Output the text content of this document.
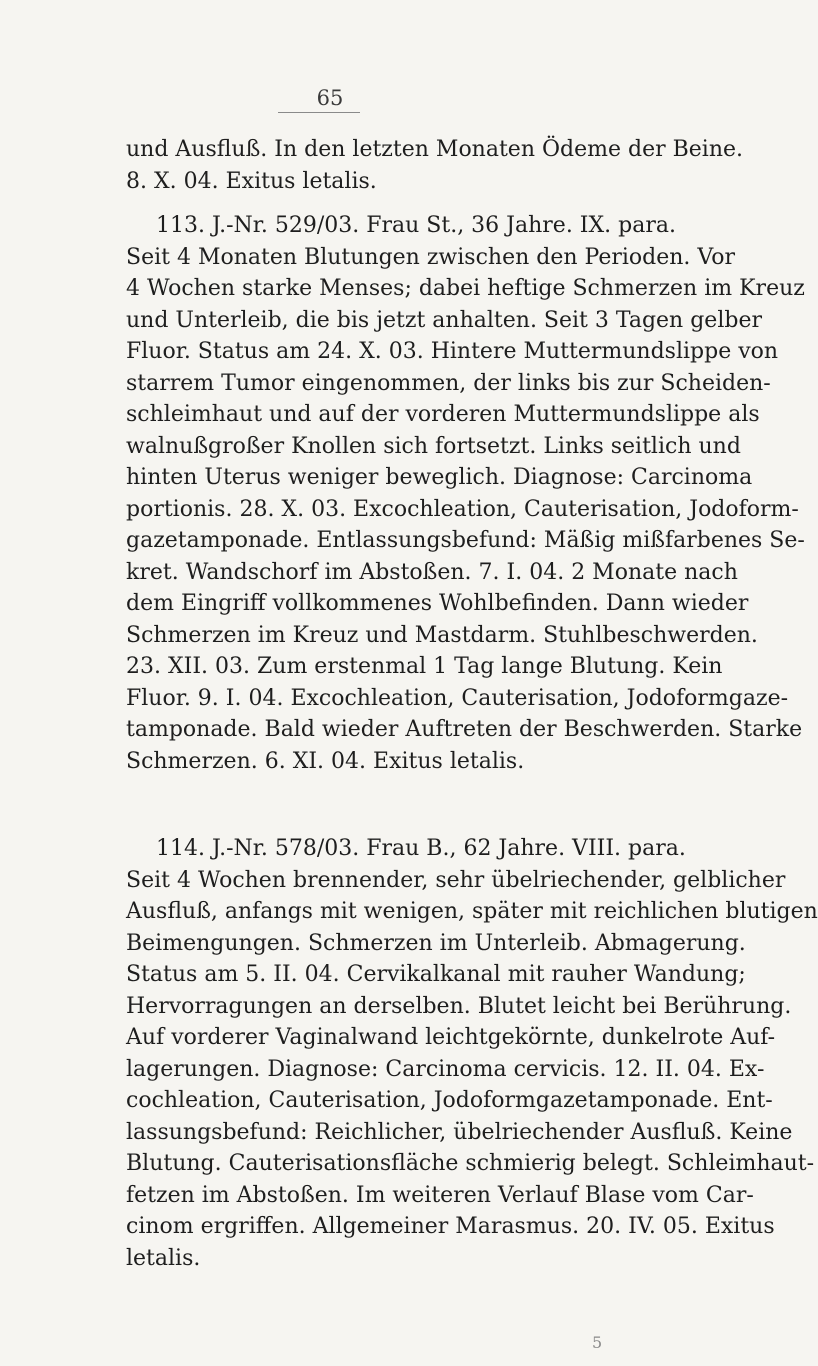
65
und Ausfluß. In den letzten Monaten Ödeme der Beine.
8. X. 04. Exitus letalis.
113. J.-Nr. 529/03. Frau St., 36 Jahre. IX. para.
Seit 4 Monaten Blutungen zwischen den Perioden. Vor
4 Wochen starke Menses; dabei heftige Schmerzen im Kreuz
und Unterleib, die bis jetzt anhalten. Seit 3 Tagen gelber
Fluor. Status am 24. X. 03. Hintere Muttermundslippe von
starrem Tumor eingenommen, der links bis zur Scheiden-
schleimhaut und auf der vorderen Muttermundslippe als
walnußgroßer Knollen sich fortsetzt. Links seitlich und
hinten Uterus weniger beweglich. Diagnose: Carcinoma
portionis. 28. X. 03. Excochleation, Cauterisation, Jodoform-
gazetamponade. Entlassungsbefund: Mäßig mißfarbenes Se-
kret. Wandschorf im Abstoßen. 7. I. 04. 2 Monate nach
dem Eingriff vollkommenes Wohlbefinden. Dann wieder
Schmerzen im Kreuz und Mastdarm. Stuhlbeschwerden.
23. XII. 03. Zum erstenmal 1 Tag lange Blutung. Kein
Fluor. 9. I. 04. Excochleation, Cauterisation, Jodoformgaze-
tamponade. Bald wieder Auftreten der Beschwerden. Starke
Schmerzen. 6. XI. 04. Exitus letalis.
114. J.-Nr. 578/03. Frau B., 62 Jahre. VIII. para.
Seit 4 Wochen brennender, sehr übelriechender, gelblicher
Ausfluß, anfangs mit wenigen, später mit reichlichen blutigen
Beimengungen. Schmerzen im Unterleib. Abmagerung.
Status am 5. II. 04. Cervikalkanal mit rauher Wandung;
Hervorragungen an derselben. Blutet leicht bei Berührung.
Auf vorderer Vaginalwand leichtgekörnte, dunkelrote Auf-
lagerungen. Diagnose: Carcinoma cervicis. 12. II. 04. Ex-
cochleation, Cauterisation, Jodoformgazetamponade. Ent-
lassungsbefund: Reichlicher, übelriechender Ausfluß. Keine
Blutung. Cauterisationsfläche schmierig belegt. Schleimhaut-
fetzen im Abstoßen. Im weiteren Verlauf Blase vom Car-
cinom ergriffen. Allgemeiner Marasmus. 20. IV. 05. Exitus
letalis.
5
